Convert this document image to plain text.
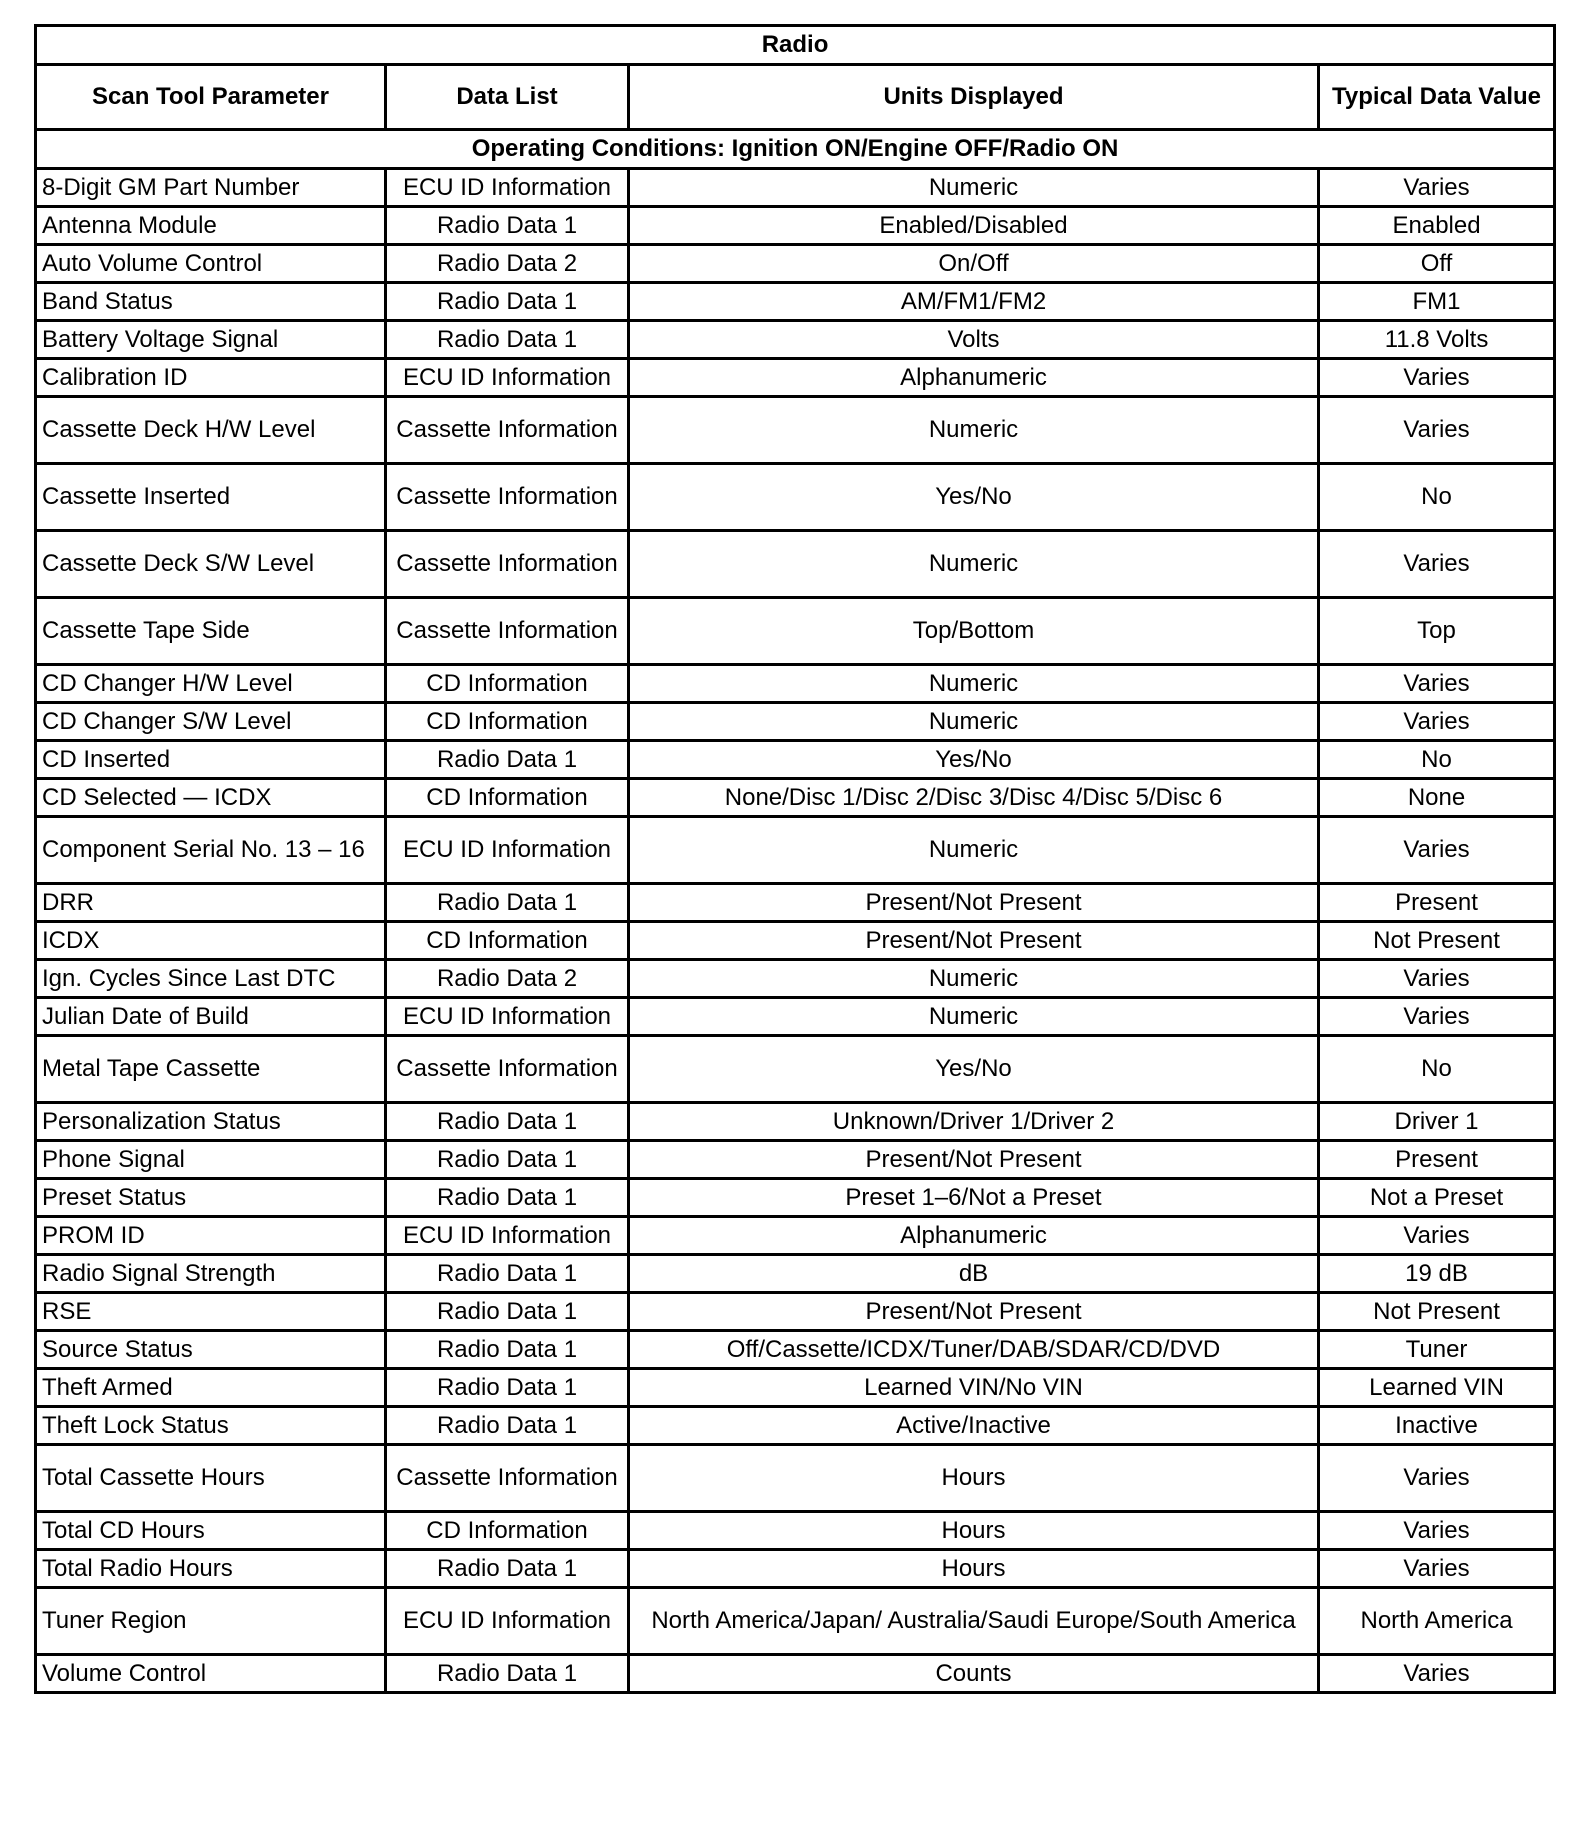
Radio			
Scan Tool Parameter	Data List	Units Displayed	Typical Data Value
Operating Conditions: Ignition ON/Engine OFF/Radio ON			
8-Digit GM Part Number	ECU ID Information	Numeric	Varies
Antenna Module	Radio Data 1	Enabled/Disabled	Enabled
Auto Volume Control	Radio Data 2	On/Off	Off
Band Status	Radio Data 1	AM/FM1/FM2	FM1
Battery Voltage Signal	Radio Data 1	Volts	11.8 Volts
Calibration ID	ECU ID Information	Alphanumeric	Varies
Cassette Deck H/W Level	Cassette Information	Numeric	Varies
Cassette Inserted	Cassette Information	Yes/No	No
Cassette Deck S/W Level	Cassette Information	Numeric	Varies
Cassette Tape Side	Cassette Information	Top/Bottom	Top
CD Changer H/W Level	CD Information	Numeric	Varies
CD Changer S/W Level	CD Information	Numeric	Varies
CD Inserted	Radio Data 1	Yes/No	No
CD Selected — ICDX	CD Information	None/Disc 1/Disc 2/Disc 3/Disc 4/Disc 5/Disc 6	None
Component Serial No. 13 – 16	ECU ID Information	Numeric	Varies
DRR	Radio Data 1	Present/Not Present	Present
ICDX	CD Information	Present/Not Present	Not Present
Ign. Cycles Since Last DTC	Radio Data 2	Numeric	Varies
Julian Date of Build	ECU ID Information	Numeric	Varies
Metal Tape Cassette	Cassette Information	Yes/No	No
Personalization Status	Radio Data 1	Unknown/Driver 1/Driver 2	Driver 1
Phone Signal	Radio Data 1	Present/Not Present	Present
Preset Status	Radio Data 1	Preset 1–6/Not a Preset	Not a Preset
PROM ID	ECU ID Information	Alphanumeric	Varies
Radio Signal Strength	Radio Data 1	dB	19 dB
RSE	Radio Data 1	Present/Not Present	Not Present
Source Status	Radio Data 1	Off/Cassette/ICDX/Tuner/DAB/SDAR/CD/DVD	Tuner
Theft Armed	Radio Data 1	Learned VIN/No VIN	Learned VIN
Theft Lock Status	Radio Data 1	Active/Inactive	Inactive
Total Cassette Hours	Cassette Information	Hours	Varies
Total CD Hours	CD Information	Hours	Varies
Total Radio Hours	Radio Data 1	Hours	Varies
Tuner Region	ECU ID Information	North America/Japan/ Australia/Saudi Europe/South America	North America
Volume Control	Radio Data 1	Counts	Varies
